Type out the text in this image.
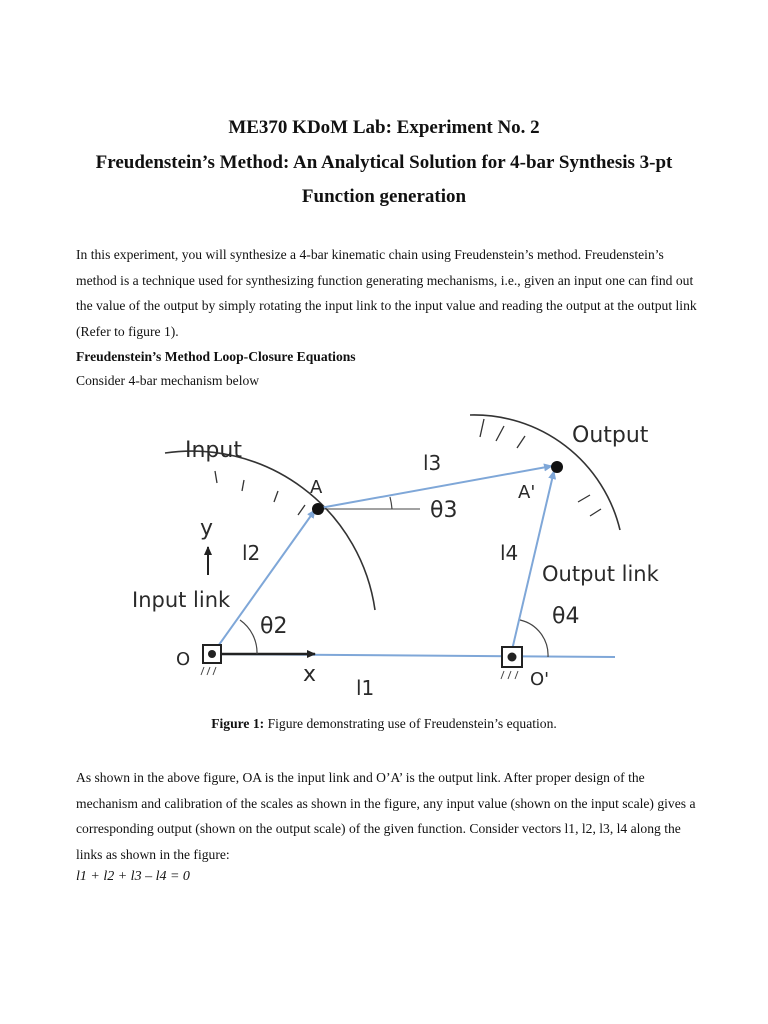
ME370 KDoM Lab: Experiment No. 2
Freudenstein’s Method: An Analytical Solution for 4-bar Synthesis 3-pt
Function generation

In this experiment, you will synthesize a 4-bar kinematic chain using Freudenstein’s method. Freudenstein’s method is a technique used for synthesizing function generating mechanisms, i.e., given an input one can find out the value of the output by simply rotating the input link to the input value and reading the output at the output link (Refer to figure 1).

Freudenstein’s Method Loop-Closure Equations

Consider 4-bar mechanism below

Input
Output
A	A'
O
O'
y
x
Input link
Output link
θ2
θ3
θ4
l1
l2
l3
l4

Figure 1: Figure demonstrating use of Freudenstein’s equation.

As shown in the above figure, OA is the input link and O’A’ is the output link. After proper design of the mechanism and calibration of the scales as shown in the figure, any input value (shown on the input scale) gives a corresponding output (shown on the output scale) of the given function. Consider vectors l1, l2, l3, l4 along the links as shown in the figure:

l1 + l2 + l3 – l4 = 0
